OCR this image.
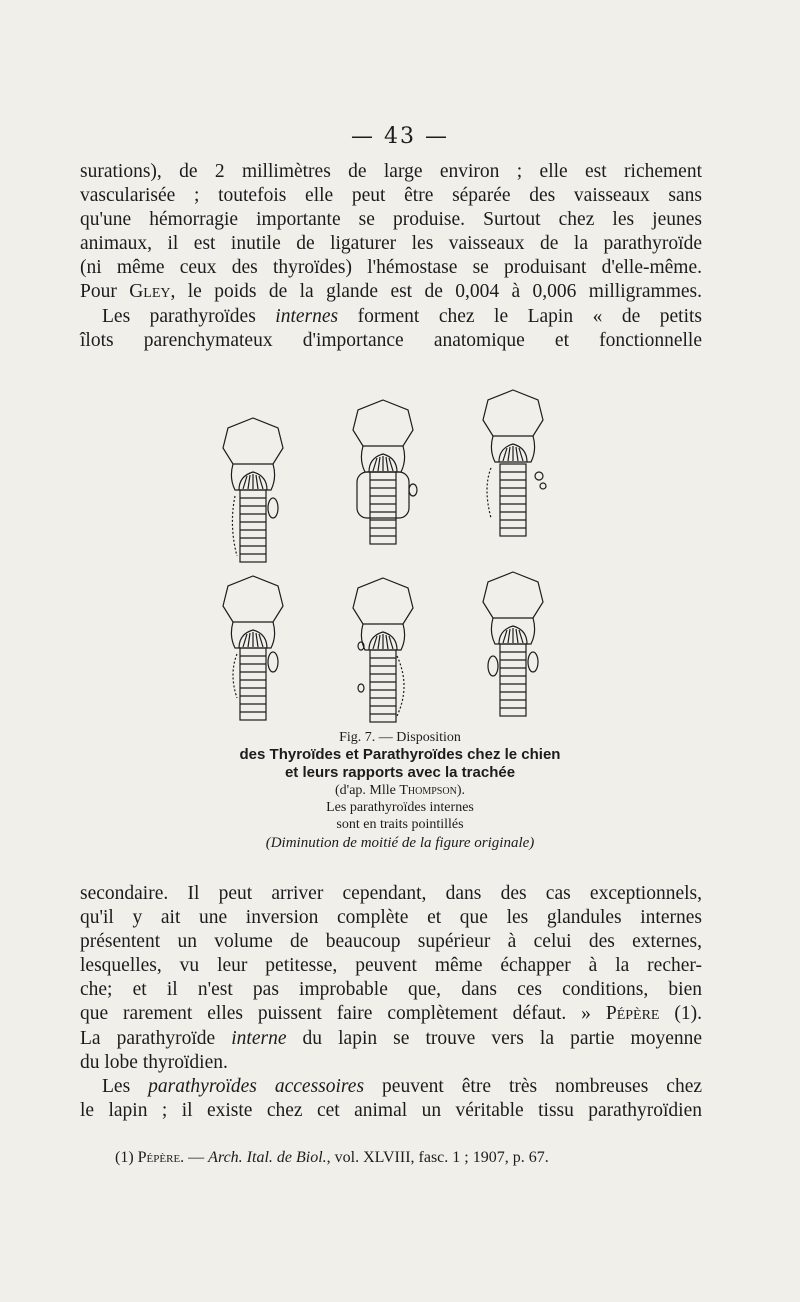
— 43 —
surations), de 2 millimètres de large environ ; elle est richement
vascularisée ; toutefois elle peut être séparée des vaisseaux sans
qu'une hémorragie importante se produise. Surtout chez les jeunes
animaux, il est inutile de ligaturer les vaisseaux de la parathyroïde
(ni même ceux des thyroïdes) l'hémostase se produisant d'elle-même.
Pour Gley, le poids de la glande est de 0,004 à 0,006 milligrammes.
Les parathyroïdes internes forment chez le Lapin « de petits
îlots parenchymateux d'importance anatomique et fonctionnelle
Fig. 7. — Disposition
des Thyroïdes et Parathyroïdes chez le chien
et leurs rapports avec la trachée
(d'ap. Mlle Thompson).
Les parathyroïdes internes
sont en traits pointillés
(Diminution de moitié de la figure originale)
secondaire. Il peut arriver cependant, dans des cas exceptionnels,
qu'il y ait une inversion complète et que les glandules internes
présentent un volume de beaucoup supérieur à celui des externes,
lesquelles, vu leur petitesse, peuvent même échapper à la recher-
che; et il n'est pas improbable que, dans ces conditions, bien
que rarement elles puissent faire complètement défaut. » Pépère (1).
La parathyroïde interne du lapin se trouve vers la partie moyenne
du lobe thyroïdien.
Les parathyroïdes accessoires peuvent être très nombreuses chez
le lapin ; il existe chez cet animal un véritable tissu parathyroïdien
(1) Pépère. — Arch. Ital. de Biol., vol. XLVIII, fasc. 1 ; 1907, p. 67.
